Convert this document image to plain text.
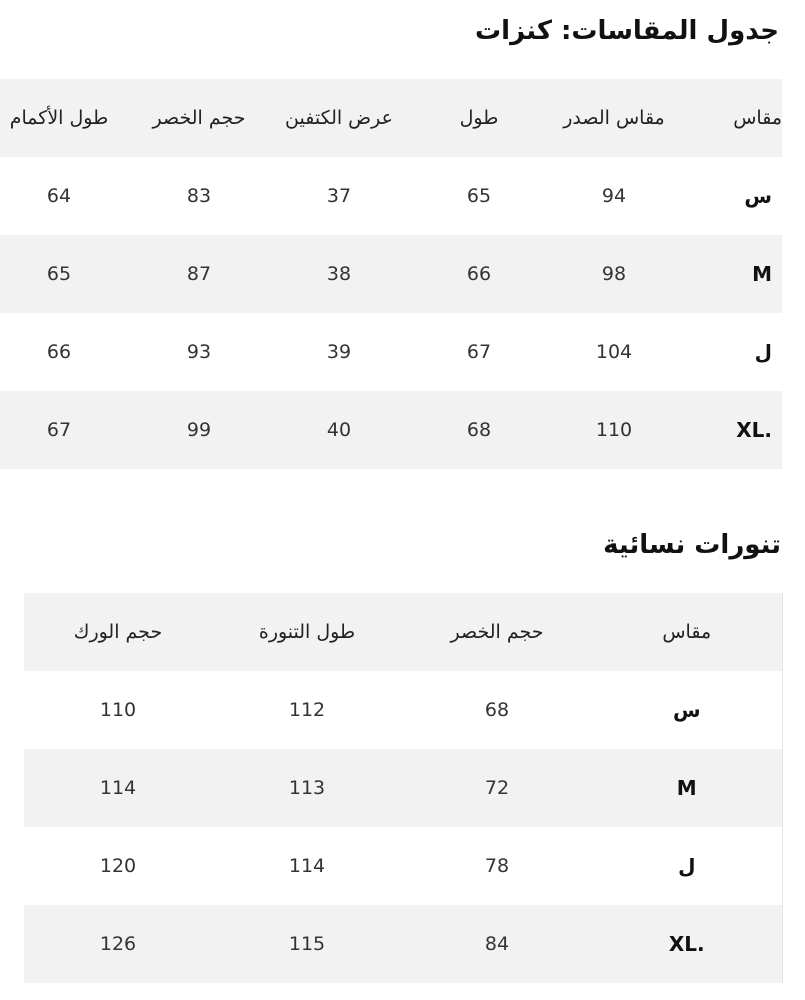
جدول المقاسات: كنزات
طول الأكمام	حجم الخصر	عرض الكتفين	طول	مقاس الصدر	مقاس
64	83	37	65	94	س
65	87	38	66	98	M
66	93	39	67	104	ل
67	99	40	68	110	XL.
تنورات نسائية
حجم الورك	طول التنورة	حجم الخصر	مقاس
110	112	68	س
114	113	72	M
120	114	78	ل
126	115	84	XL.
